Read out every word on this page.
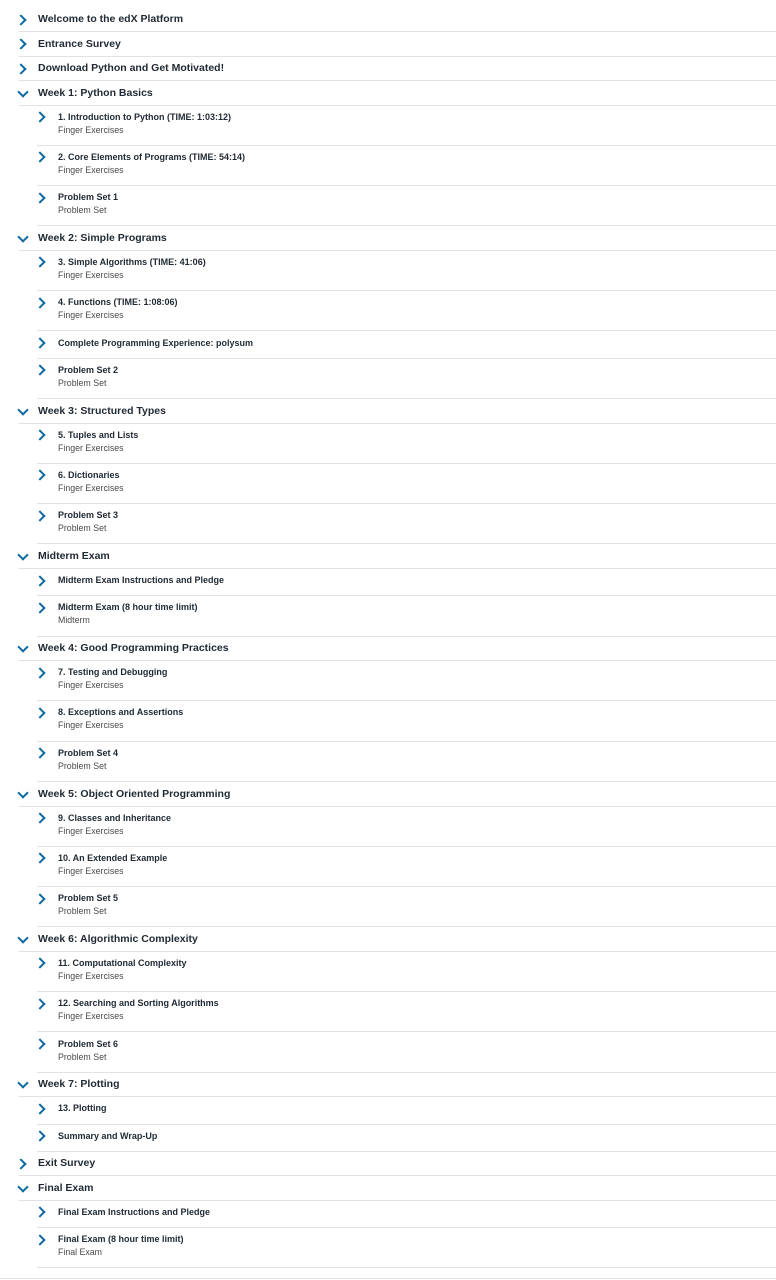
Welcome to the edX Platform
Entrance Survey
Download Python and Get Motivated!
Week 1: Python Basics
1. Introduction to Python (TIME: 1:03:12)
Finger Exercises
2. Core Elements of Programs (TIME: 54:14)
Finger Exercises
Problem Set 1
Problem Set
Week 2: Simple Programs
3. Simple Algorithms (TIME: 41:06)
Finger Exercises
4. Functions (TIME: 1:08:06)
Finger Exercises
Complete Programming Experience: polysum
Problem Set 2
Problem Set
Week 3: Structured Types
5. Tuples and Lists
Finger Exercises
6. Dictionaries
Finger Exercises
Problem Set 3
Problem Set
Midterm Exam
Midterm Exam Instructions and Pledge
Midterm Exam (8 hour time limit)
Midterm
Week 4: Good Programming Practices
7. Testing and Debugging
Finger Exercises
8. Exceptions and Assertions
Finger Exercises
Problem Set 4
Problem Set
Week 5: Object Oriented Programming
9. Classes and Inheritance
Finger Exercises
10. An Extended Example
Finger Exercises
Problem Set 5
Problem Set
Week 6: Algorithmic Complexity
11. Computational Complexity
Finger Exercises
12. Searching and Sorting Algorithms
Finger Exercises
Problem Set 6
Problem Set
Week 7: Plotting
13. Plotting
Summary and Wrap-Up
Exit Survey
Final Exam
Final Exam Instructions and Pledge
Final Exam (8 hour time limit)
Final Exam
